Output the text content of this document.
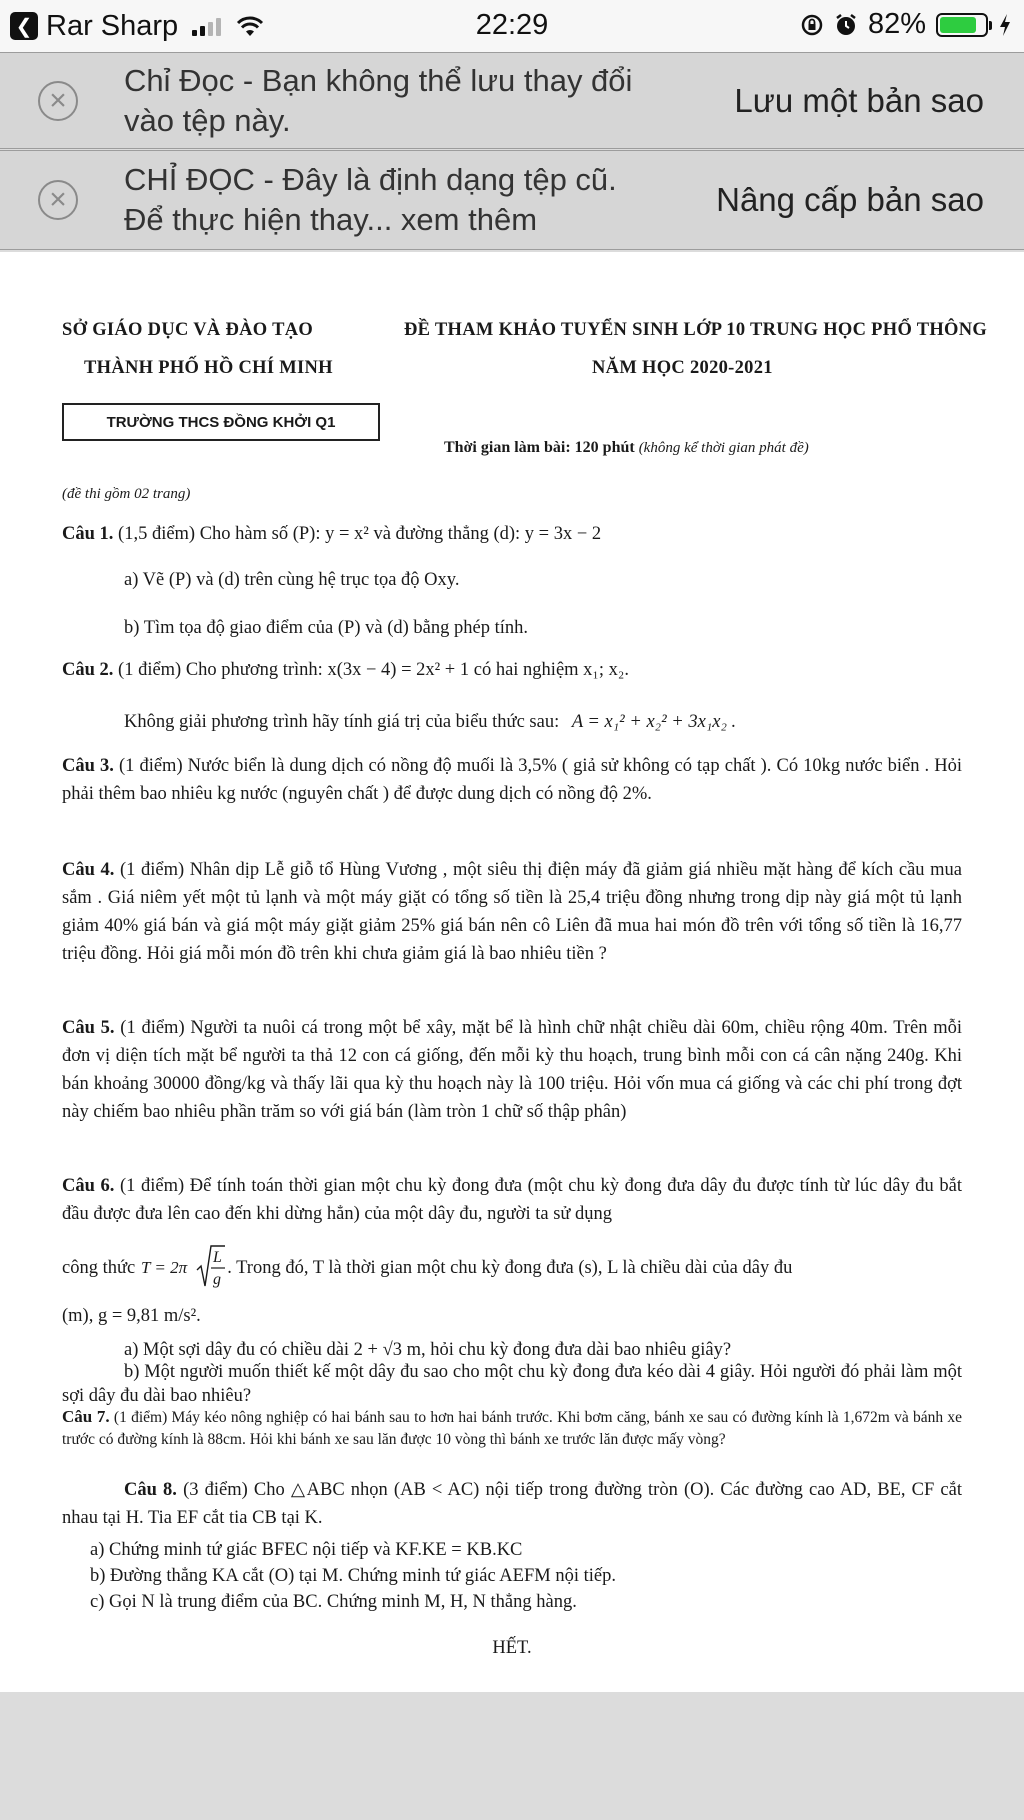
❮ Rar Sharp	22:29	82%
×
Chỉ Đọc - Bạn không thể lưu thay đổi vào tệp này.
Lưu một bản sao
×
CHỈ ĐỌC - Đây là định dạng tệp cũ. Để thực hiện thay... xem thêm
Nâng cấp bản sao
SỞ GIÁO DỤC VÀ ĐÀO TẠO
THÀNH PHỐ HỒ CHÍ MINH
ĐỀ THAM KHẢO TUYỂN SINH LỚP 10 TRUNG HỌC PHỔ THÔNG
NĂM HỌC 2020-2021
TRƯỜNG THCS ĐỒNG KHỞI Q1
Thời gian làm bài: 120 phút (không kể thời gian phát đề)
(đề thi gồm 02 trang)
Câu 1. (1,5 điểm) Cho hàm số (P): y = x² và đường thẳng (d): y = 3x − 2
a) Vẽ (P) và (d) trên cùng hệ trục tọa độ Oxy.
b) Tìm tọa độ giao điểm của (P) và (d) bằng phép tính.
Câu 2. (1 điểm) Cho phương trình: x(3x − 4) = 2x² + 1 có hai nghiệm x₁; x₂.
Không giải phương trình hãy tính giá trị của biểu thức sau: A = x₁² + x₂² + 3x₁x₂ .
Câu 3. (1 điểm) Nước biển là dung dịch có nồng độ muối là 3,5% ( giả sử không có tạp chất ). Có 10kg nước biển . Hỏi phải thêm bao nhiêu kg nước (nguyên chất ) để được dung dịch có nồng độ 2%.
Câu 4. (1 điểm) Nhân dịp Lễ giỗ tổ Hùng Vương , một siêu thị điện máy đã giảm giá nhiều mặt hàng để kích cầu mua sắm . Giá niêm yết một tủ lạnh và một máy giặt có tổng số tiền là 25,4 triệu đồng nhưng trong dịp này giá một tủ lạnh giảm 40% giá bán và giá một máy giặt giảm 25% giá bán nên cô Liên đã mua hai món đồ trên với tổng số tiền là 16,77 triệu đồng. Hỏi giá mỗi món đồ trên khi chưa giảm giá là bao nhiêu tiền ?
Câu 5. (1 điểm) Người ta nuôi cá trong một bể xây, mặt bể là hình chữ nhật chiều dài 60m, chiều rộng 40m. Trên mỗi đơn vị diện tích mặt bể người ta thả 12 con cá giống, đến mỗi kỳ thu hoạch, trung bình mỗi con cá cân nặng 240g. Khi bán khoảng 30000 đồng/kg và thấy lãi qua kỳ thu hoạch này là 100 triệu. Hỏi vốn mua cá giống và các chi phí trong đợt này chiếm bao nhiêu phần trăm so với giá bán (làm tròn 1 chữ số thập phân)
Câu 6. (1 điểm) Để tính toán thời gian một chu kỳ đong đưa (một chu kỳ đong đưa dây đu được tính từ lúc dây đu bắt đầu được đưa lên cao đến khi dừng hẳn) của một dây đu, người ta sử dụng
công thức T = 2π
L
g
. Trong đó, T là thời gian một chu kỳ đong đưa (s), L là chiều dài của dây đu
(m), g = 9,81 m/s².
a) Một sợi dây đu có chiều dài 2 + √3 m, hỏi chu kỳ đong đưa dài bao nhiêu giây?
b) Một người muốn thiết kế một dây đu sao cho một chu kỳ đong đưa kéo dài 4 giây. Hỏi người đó phải làm một sợi dây đu dài bao nhiêu?
Câu 7. (1 điểm) Máy kéo nông nghiệp có hai bánh sau to hơn hai bánh trước. Khi bơm căng, bánh xe sau có đường kính là 1,672m và bánh xe trước có đường kính là 88cm. Hỏi khi bánh xe sau lăn được 10 vòng thì bánh xe trước lăn được mấy vòng?
Câu 8. (3 điểm) Cho △ABC nhọn (AB < AC) nội tiếp trong đường tròn (O). Các đường cao AD, BE, CF cắt nhau tại H. Tia EF cắt tia CB tại K.
a) Chứng minh tứ giác BFEC nội tiếp và KF.KE = KB.KC
b) Đường thẳng KA cắt (O) tại M. Chứng minh tứ giác AEFM nội tiếp.
c) Gọi N là trung điểm của BC. Chứng minh M, H, N thẳng hàng.
HẾT.
